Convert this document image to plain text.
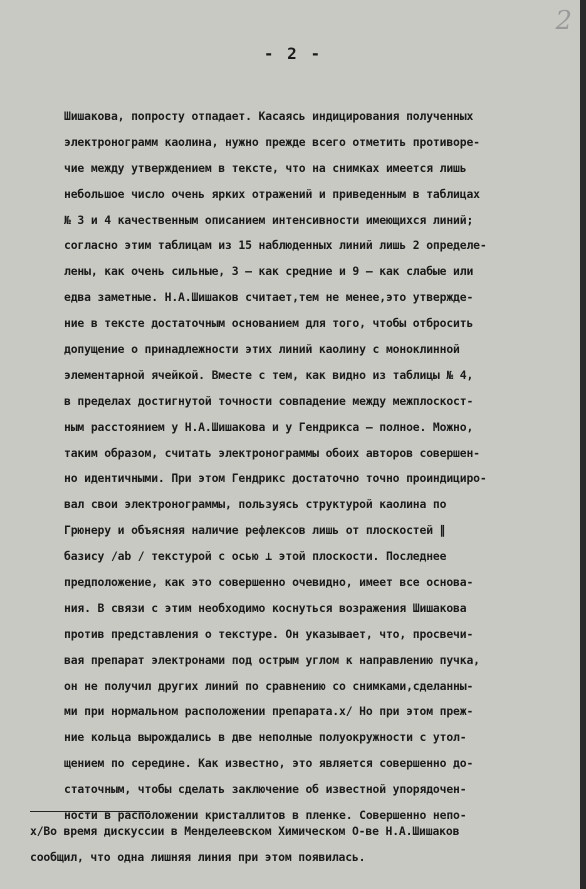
2
- 2 -
Шишакова, попросту отпадает. Касаясь индицирования полученных
электронограмм каолина, нужно прежде всего отметить противоре-
чие между утверждением в тексте, что на снимках имеется лишь
небольшое число очень ярких отражений и приведенным в таблицах
№ 3 и 4 качественным описанием интенсивности имеющихся линий;
согласно этим таблицам из 15 наблюденных линий лишь 2 определе-
лены, как очень сильные, 3 – как средние и 9 – как слабые или
едва заметные. Н.А.Шишаков считает,тем не менее,это утвержде-
ние в тексте достаточным основанием для того, чтобы отбросить
допущение о принадлежности этих линий каолину с моноклинной
элементарной ячейкой. Вместе с тем, как видно из таблицы № 4,
в пределах достигнутой точности совпадение между межплоскост-
ным расстоянием у Н.А.Шишакова и у Гендрикса – полное. Можно,
таким образом, считать электронограммы обоих авторов совершен-
но идентичными. При этом Гендрикс достаточно точно проиндициро-
вал свои электронограммы, пользуясь структурой каолина по
Грюнеру и объясняя наличие рефлексов лишь от плоскостей ∥
базису /ab / текстурой с осью ⊥ этой плоскости. Последнее
предположение, как это совершенно очевидно, имеет все основа-
ния. В связи с этим необходимо коснуться возражения Шишакова
против представления о текстуре. Он указывает, что, просвечи-
вая препарат электронами под острым углом к направлению пучка,
он не получил других линий по сравнению со снимками,сделанны-
ми при нормальном расположении препарата.x/ Но при этом преж-
ние кольца вырождались в две неполные полуокружности с утол-
щением по середине. Как известно, это является совершенно до-
статочным, чтобы сделать заключение об известной упорядочен-
ности в расположении кристаллитов в пленке. Совершенно непо-
x/Во время дискуссии в Менделеевском Химическом О-ве Н.А.Шишаков
сообщил, что одна лишняя линия при этом появилась.
